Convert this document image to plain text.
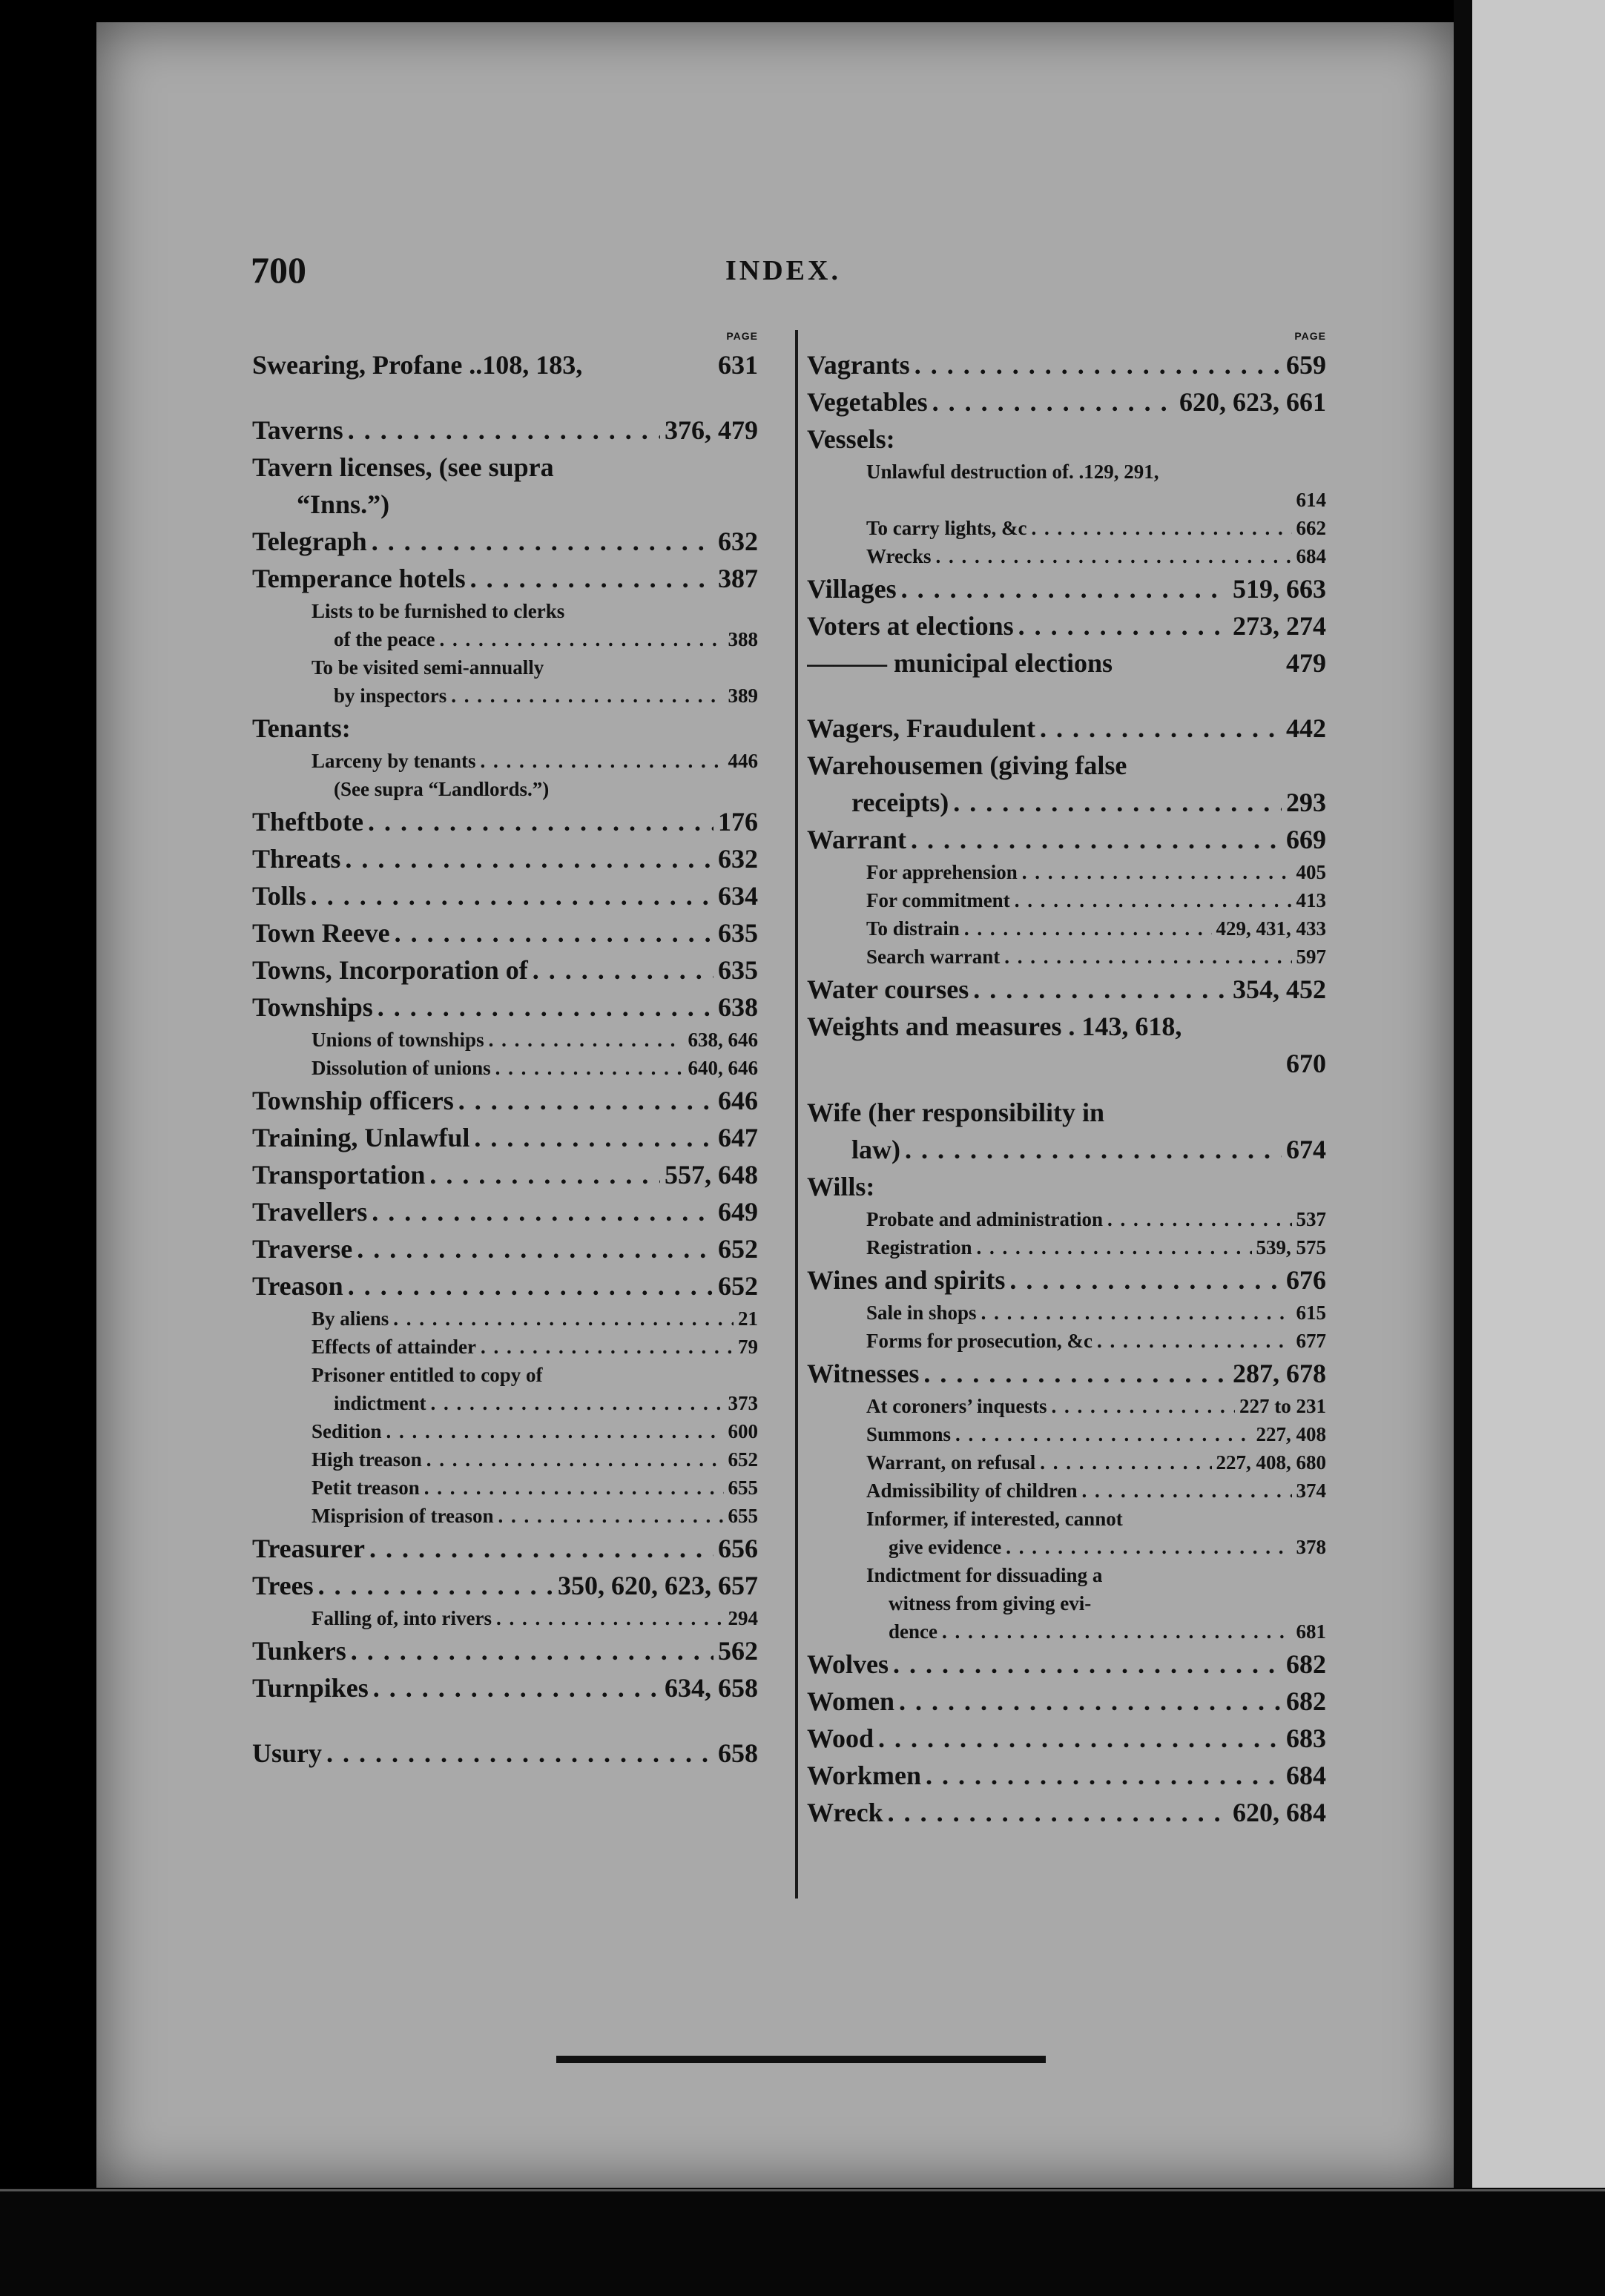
700	INDEX.
PAGE
Swearing, Profane ..108, 183,	631
Taverns . . .	376, 479
Tavern licenses, (see supra
“Inns.”)
Telegraph . . .	632
Temperance hotels . . .	387
Lists to be furnished to clerks
of the peace . . .	388
To be visited semi-annually
by inspectors . . .	389
Tenants:
Larceny by tenants . . .	446
(See supra “Landlords.”)
Theftbote . . .	176
Threats . . .	632
Tolls . . .	634
Town Reeve . . .	635
Towns, Incorporation of . . .	635
Townships . . .	638
Unions of townships . . .	638, 646
Dissolution of unions . . .	640, 646
Township officers . . .	646
Training, Unlawful . . .	647
Transportation . . .	557, 648
Travellers . . .	649
Traverse . . .	652
Treason . . .	652
By aliens . . .	21
Effects of attainder . . .	79
Prisoner entitled to copy of
indictment . . .	373
Sedition . . .	600
High treason . . .	652
Petit treason . . .	655
Misprision of treason . . .	655
Treasurer . . .	656
Trees . . .	350, 620, 623, 657
Falling of, into rivers . . .	294
Tunkers . . .	562
Turnpikes . . .	634, 658
Usury . . .	658
PAGE
Vagrants . . .	659
Vegetables . . .	620, 623, 661
Vessels:
Unlawful destruction of. .129, 291,
614
To carry lights, &c . . .	662
Wrecks . . .	684
Villages . . .	519, 663
Voters at elections . . .	273, 274
——— municipal elections	479
Wagers, Fraudulent . . .	442
Warehousemen (giving false
receipts) . . .	293
Warrant . . .	669
For apprehension . . .	405
For commitment . . .	413
To distrain . . .	429, 431, 433
Search warrant . . .	597
Water courses . . .	354, 452
Weights and measures . 143, 618,
670
Wife (her responsibility in
law) . . .	674
Wills:
Probate and administration . . .	537
Registration . . .	539, 575
Wines and spirits . . .	676
Sale in shops . . .	615
Forms for prosecution, &c . . .	677
Witnesses . . .	287, 678
At coroners’ inquests . . .	227 to 231
Summons . . .	227, 408
Warrant, on refusal . . .	227, 408, 680
Admissibility of children . . .	374
Informer, if interested, cannot
give evidence . . .	378
Indictment for dissuading a
witness from giving evi-
dence . . .	681
Wolves . . .	682
Women . . .	682
Wood . . .	683
Workmen . . .	684
Wreck . . .	620, 684
